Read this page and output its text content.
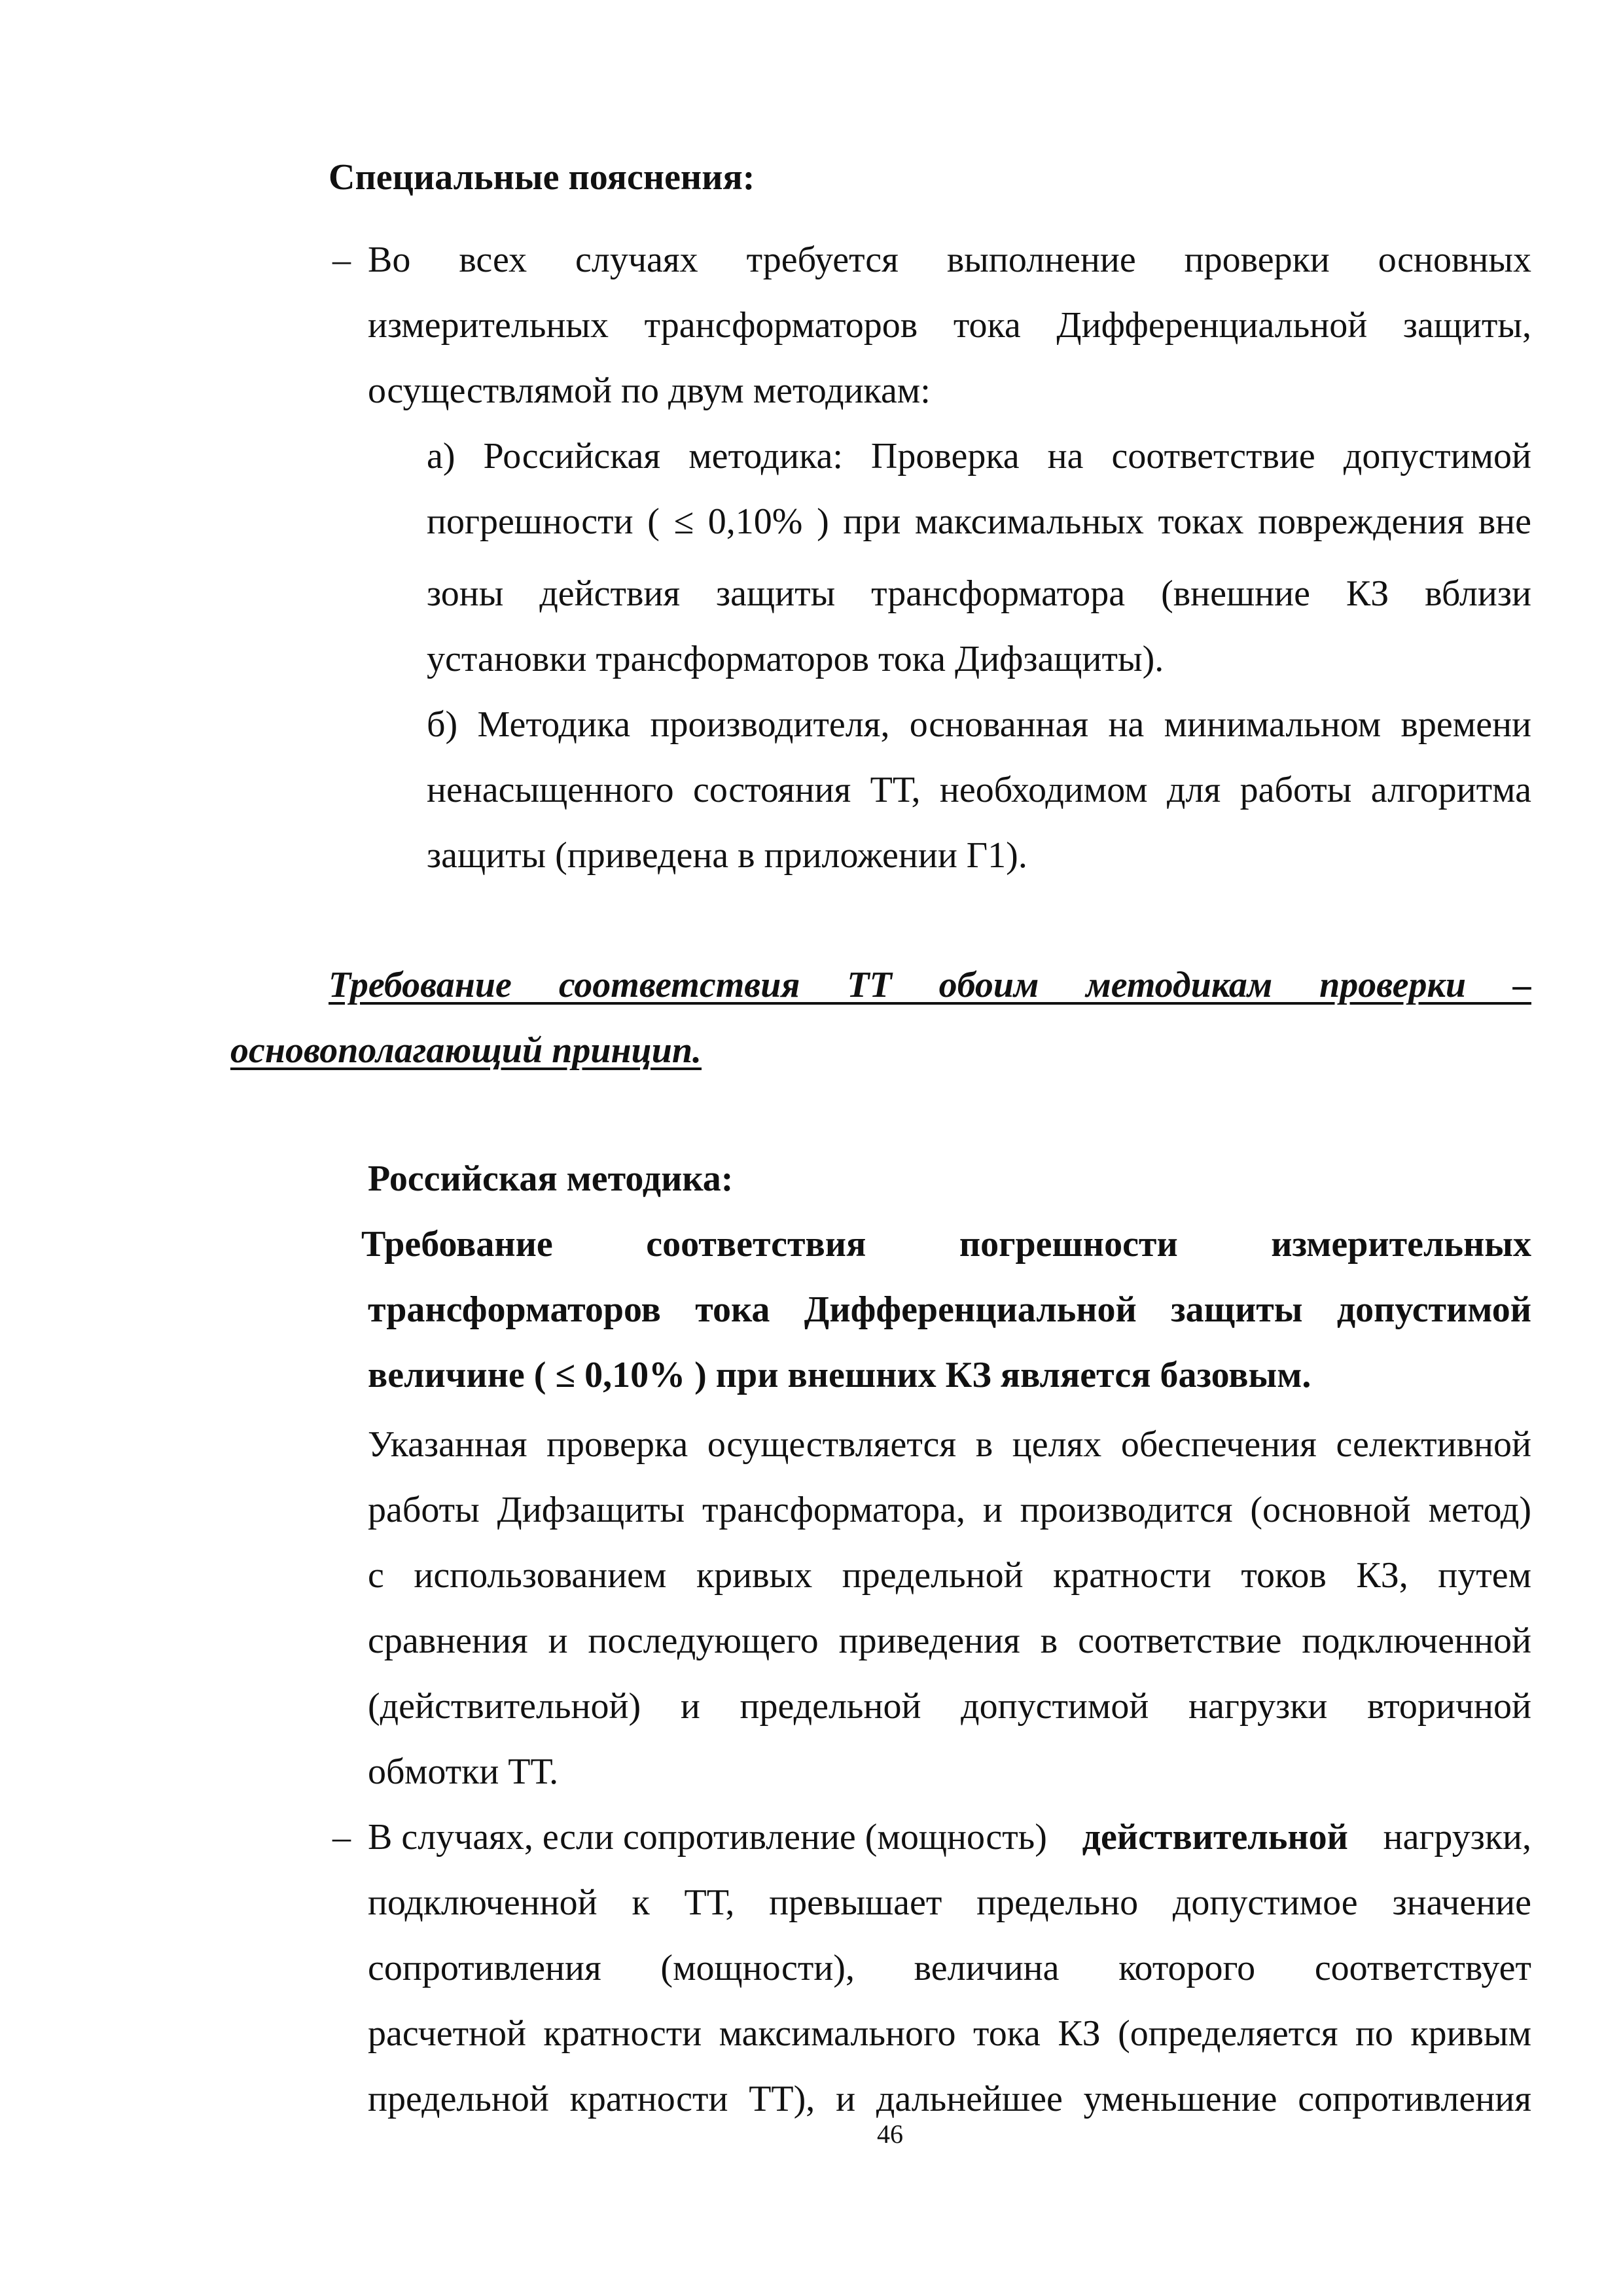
Специальные пояснения:
– Во всех случаях требуется выполнение проверки основных
измерительных трансформаторов тока Дифференциальной защиты,
осуществлямой по двум методикам:
а) Российская методика: Проверка на соответствие допустимой
погрешности ( ≤ 0,10% ) при максимальных токах повреждения вне
зоны действия защиты трансформатора (внешние КЗ вблизи
установки трансформаторов тока Дифзащиты).
б) Методика производителя, основанная на минимальном времени
ненасыщенного состояния ТТ, необходимом для работы алгоритма
защиты (приведена в приложении Г1).
Требование соответствия ТТ обоим методикам проверки –
основополагающий принцип.
Российская методика:
Требование соответствия погрешности измерительных
трансформаторов тока Дифференциальной защиты допустимой
величине ( ≤ 0,10% ) при внешних КЗ является базовым.
Указанная проверка осуществляется в целях обеспечения селективной
работы Дифзащиты трансформатора, и производится (основной метод)
с использованием кривых предельной кратности токов КЗ, путем
сравнения и последующего приведения в соответствие подключенной
(действительной) и предельной допустимой нагрузки вторичной
обмотки ТТ.
– В случаях, если сопротивление (мощность) действительной нагрузки,
подключенной к ТТ, превышает предельно допустимое значение
сопротивления (мощности), величина которого соответствует
расчетной кратности максимального тока КЗ (определяется по кривым
предельной кратности ТТ), и дальнейшее уменьшение сопротивления
46
